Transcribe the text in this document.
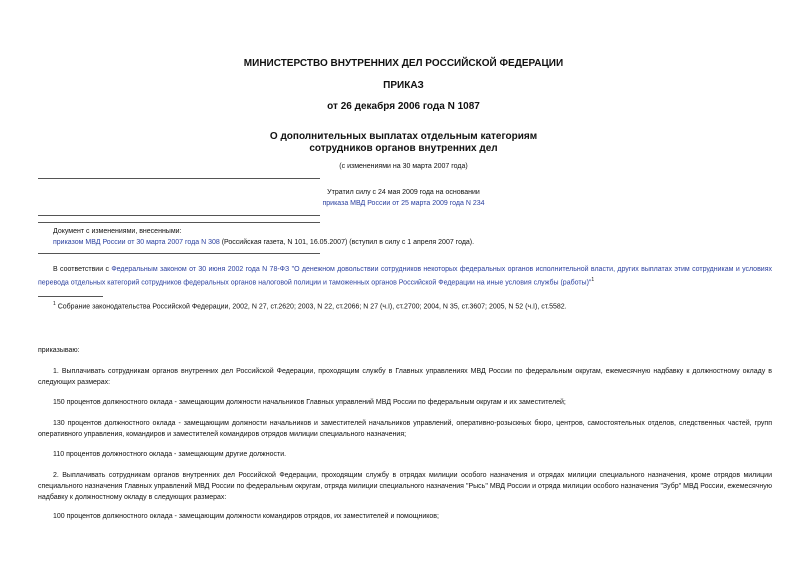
МИНИСТЕРСТВО ВНУТРЕННИХ ДЕЛ РОССИЙСКОЙ ФЕДЕРАЦИИ
ПРИКАЗ
от 26 декабря 2006 года N 1087
О дополнительных выплатах отдельным категориям
сотрудников органов внутренних дел
(с изменениями на 30 марта 2007 года)
Утратил силу с 24 мая 2009 года на основании
приказа МВД России от 25 марта 2009 года N 234
Документ с изменениями, внесенными:
приказом МВД России от 30 марта 2007 года N 308 (Российская газета, N 101, 16.05.2007) (вступил в силу с 1 апреля 2007 года).
В соответствии с Федеральным законом от 30 июня 2002 года N 78-ФЗ "О денежном довольствии сотрудников некоторых федеральных органов исполнительной власти, других выплатах этим сотрудникам и условиях перевода отдельных категорий сотрудников федеральных органов налоговой полиции и таможенных органов Российской Федерации на иные условия службы (работы)"$^1$
$^1$ Собрание законодательства Российской Федерации, 2002, N 27, ст.2620; 2003, N 22, ст.2066; N 27 (ч.I), ст.2700; 2004, N 35, ст.3607; 2005, N 52 (ч.I), ст.5582.
приказываю:
1. Выплачивать сотрудникам органов внутренних дел Российской Федерации, проходящим службу в Главных управлениях МВД России по федеральным округам, ежемесячную надбавку к должностному окладу в следующих размерах:
150 процентов должностного оклада - замещающим должности начальников Главных управлений МВД России по федеральным округам и их заместителей;
130 процентов должностного оклада - замещающим должности начальников и заместителей начальников управлений, оперативно-розыскных бюро, центров, самостоятельных отделов, следственных частей, групп оперативного управления, командиров и заместителей командиров отрядов милиции специального назначения;
110 процентов должностного оклада - замещающим другие должности.
2. Выплачивать сотрудникам органов внутренних дел Российской Федерации, проходящим службу в отрядах милиции особого назначения и отрядах милиции специального назначения, кроме отрядов милиции специального назначения Главных управлений МВД России по федеральным округам, отряда милиции специального назначения "Рысь" МВД России и отряда милиции особого назначения "Зубр" МВД России, ежемесячную надбавку к должностному окладу в следующих размерах:
100 процентов должностного оклада - замещающим должности командиров отрядов, их заместителей и помощников;
